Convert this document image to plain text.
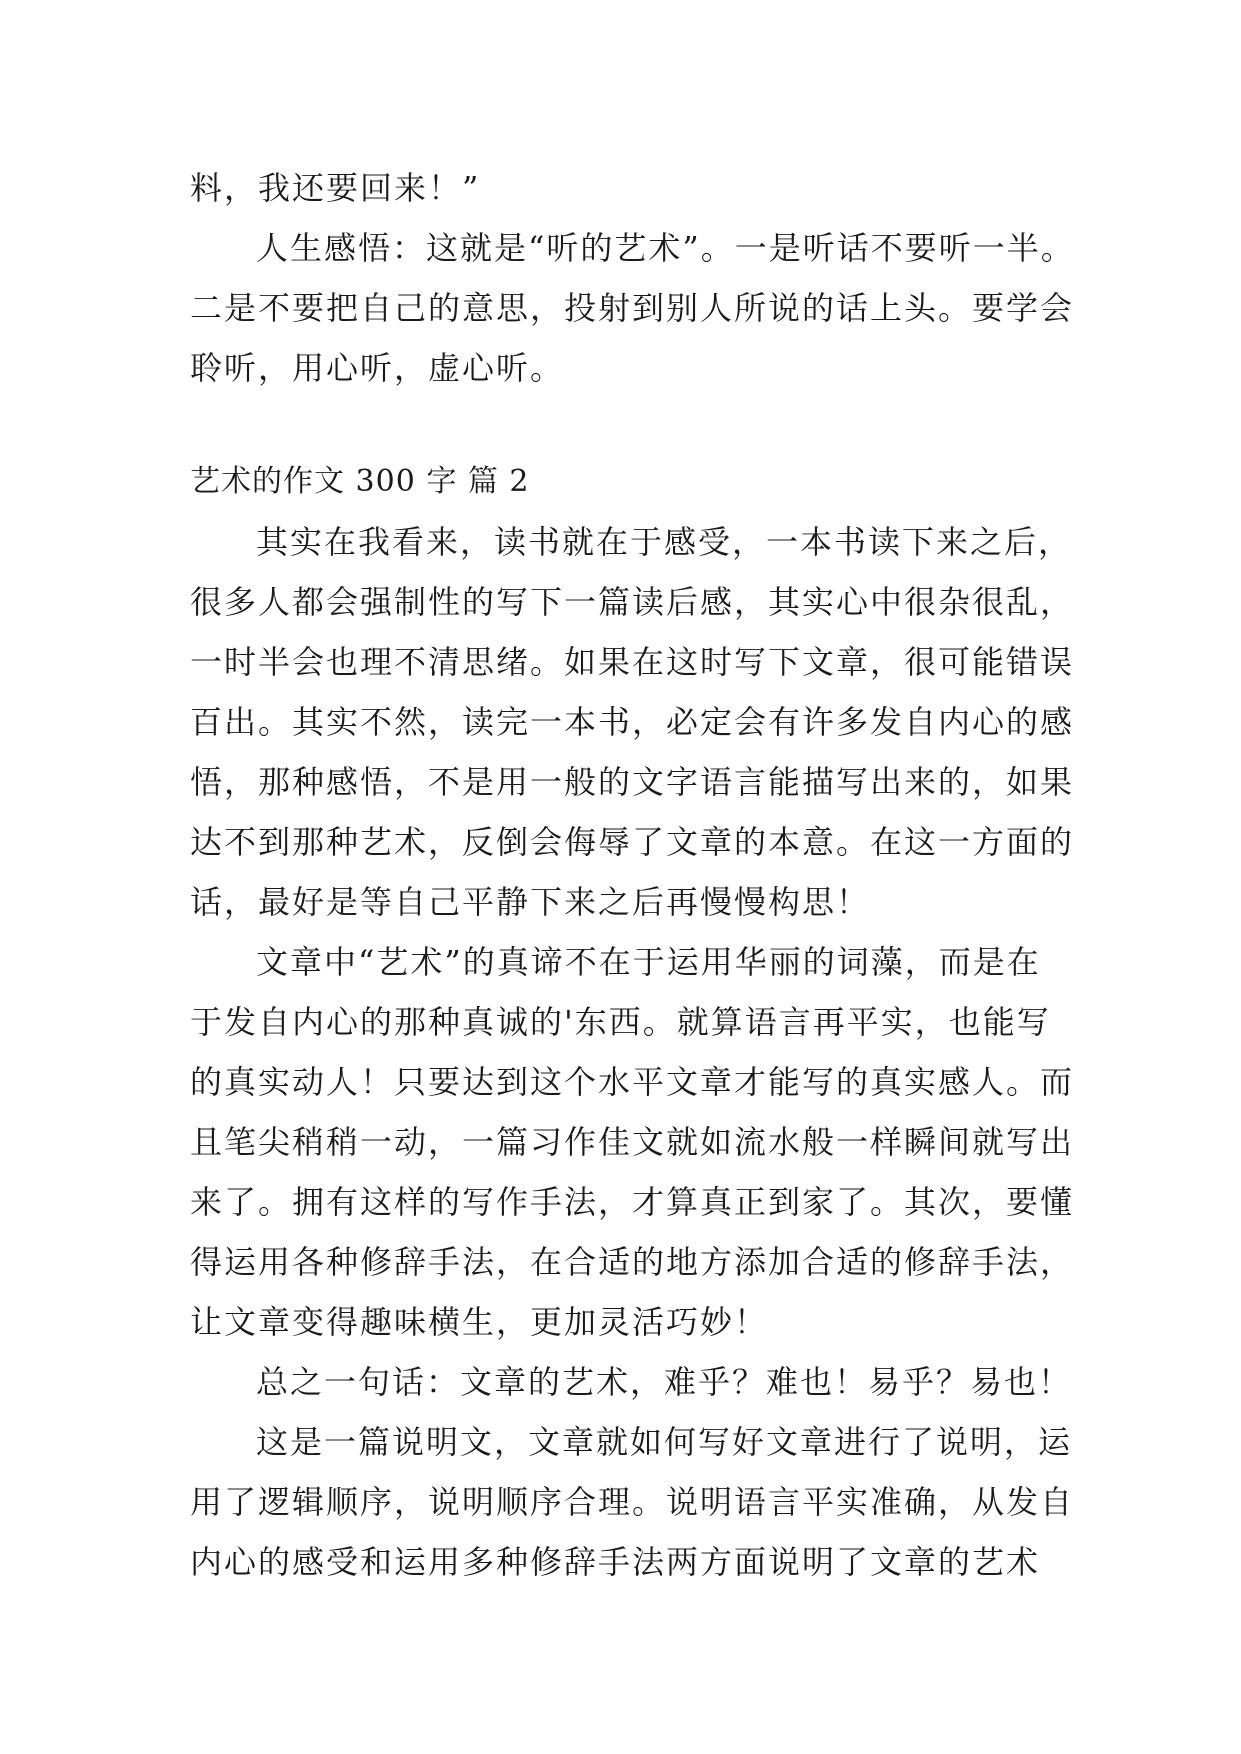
料，我还要回来！”
人生感悟：这就是“听的艺术”。一是听话不要听一半。
二是不要把自己的意思，投射到别人所说的话上头。要学会
聆听，用心听，虚心听。
艺术的作文 300 字 篇 2
其实在我看来，读书就在于感受，一本书读下来之后，
很多人都会强制性的写下一篇读后感，其实心中很杂很乱，
一时半会也理不清思绪。如果在这时写下文章，很可能错误
百出。其实不然，读完一本书，必定会有许多发自内心的感
悟，那种感悟，不是用一般的文字语言能描写出来的，如果
达不到那种艺术，反倒会侮辱了文章的本意。在这一方面的
话，最好是等自己平静下来之后再慢慢构思！
文章中“艺术”的真谛不在于运用华丽的词藻，而是在
于发自内心的那种真诚的'东西。就算语言再平实，也能写
的真实动人！只要达到这个水平文章才能写的真实感人。而
且笔尖稍稍一动，一篇习作佳文就如流水般一样瞬间就写出
来了。拥有这样的写作手法，才算真正到家了。其次，要懂
得运用各种修辞手法，在合适的地方添加合适的修辞手法，
让文章变得趣味横生，更加灵活巧妙！
总之一句话：文章的艺术，难乎？难也！易乎？易也！
这是一篇说明文，文章就如何写好文章进行了说明，运
用了逻辑顺序，说明顺序合理。说明语言平实准确，从发自
内心的感受和运用多种修辞手法两方面说明了文章的艺术
